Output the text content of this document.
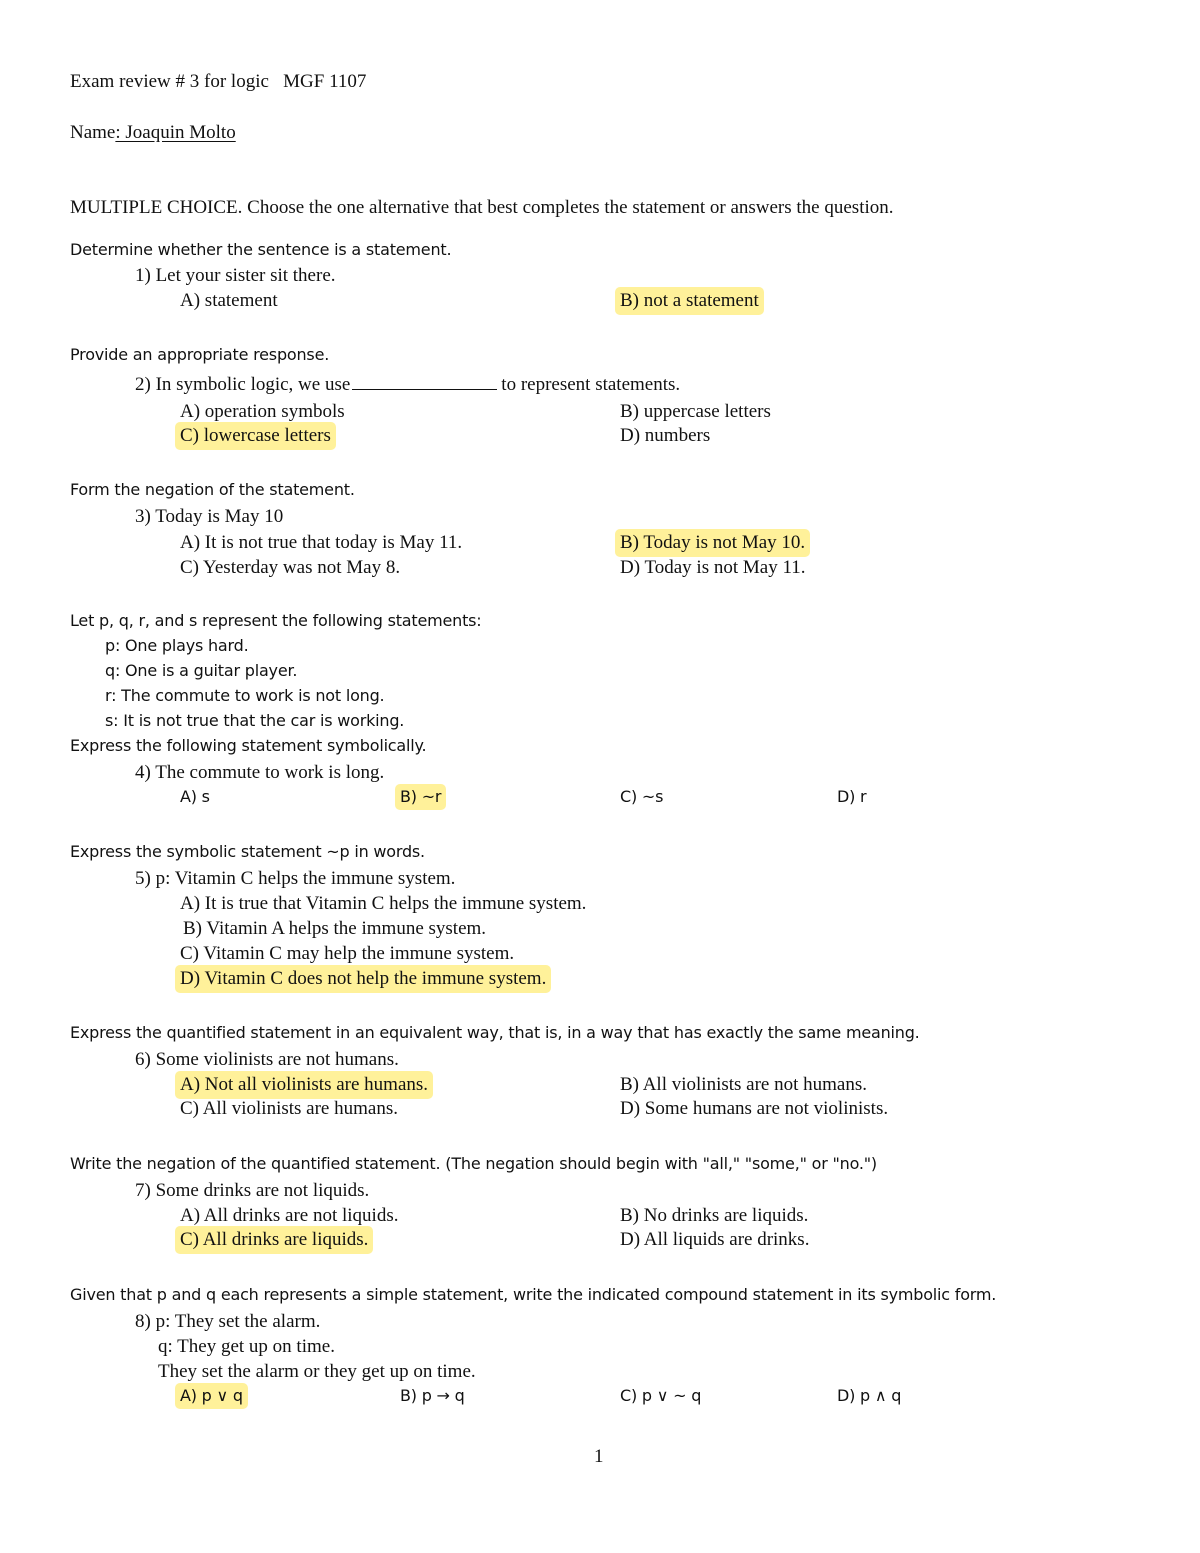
Exam review # 3 for logic MGF 1107
Name: Joaquin Molto
MULTIPLE CHOICE. Choose the one alternative that best completes the statement or answers the question.
Determine whether the sentence is a statement.
1) Let your sister sit there.
A) statement	B) not a statement
Provide an appropriate response.
2) In symbolic logic, we use	to represent statements.
A) operation symbols	B) uppercase letters
C) lowercase letters	D) numbers
Form the negation of the statement.
3) Today is May 10
A) It is not true that today is May 11.	B) Today is not May 10.
C) Yesterday was not May 8.	D) Today is not May 11.
Let p, q, r, and s represent the following statements:
p: One plays hard.
q: One is a guitar player.
r: The commute to work is not long.
s: It is not true that the car is working.
Express the following statement symbolically.
4) The commute to work is long.
A) s	B) ~r	C) ~s	D) r
Express the symbolic statement ~p in words.
5) p: Vitamin C helps the immune system.
A) It is true that Vitamin C helps the immune system.
B) Vitamin A helps the immune system.
C) Vitamin C may help the immune system.
D) Vitamin C does not help the immune system.
Express the quantified statement in an equivalent way, that is, in a way that has exactly the same meaning.
6) Some violinists are not humans.
A) Not all violinists are humans.	B) All violinists are not humans.
C) All violinists are humans.	D) Some humans are not violinists.
Write the negation of the quantified statement. (The negation should begin with "all," "some," or "no.")
7) Some drinks are not liquids.
A) All drinks are not liquids.	B) No drinks are liquids.
C) All drinks are liquids.	D) All liquids are drinks.
Given that p and q each represents a simple statement, write the indicated compound statement in its symbolic form.
8) p: They set the alarm.
q: They get up on time.
They set the alarm or they get up on time.
A) p ∨ q	B) p → q	C) p ∨ ~ q	D) p ∧ q
1
